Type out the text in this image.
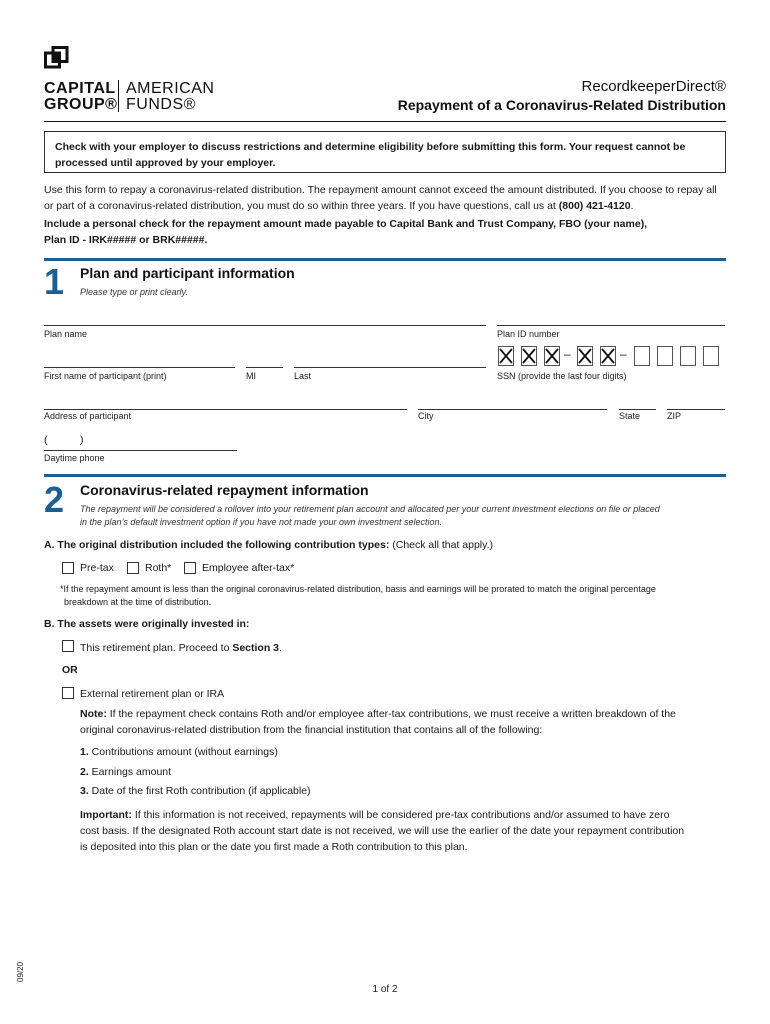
CAPITAL
GROUP®
AMERICAN
FUNDS®
RecordkeeperDirect®
Repayment of a Coronavirus-Related Distribution
Check with your employer to discuss restrictions and determine eligibility before submitting this form. Your request cannot be processed until approved by your employer.
Use this form to repay a coronavirus-related distribution. The repayment amount cannot exceed the amount distributed. If you choose to repay all or part of a coronavirus-related distribution, you must do so within three years. If you have questions, call us at (800) 421-4120.
Include a personal check for the repayment amount made payable to Capital Bank and Trust Company, FBO (your name),
Plan ID - IRK##### or BRK#####.
1 Plan and participant information
Please type or print clearly.
Plan name	Plan ID number
First name of participant (print)	MI	Last
–	–
SSN (provide the last four digits)
Address of participant	City	State	ZIP
(	)
Daytime phone
2 Coronavirus-related repayment information
The repayment will be considered a rollover into your retirement plan account and allocated per your current investment elections on file or placed
in the plan’s default investment option if you have not made your own investment selection.
A. The original distribution included the following contribution types: (Check all that apply.)
Pre-tax	Roth*	Employee after-tax*
*If the repayment amount is less than the original coronavirus-related distribution, basis and earnings will be prorated to match the original percentage
breakdown at the time of distribution.
B. The assets were originally invested in:
This retirement plan. Proceed to Section 3.
OR
External retirement plan or IRA
Note: If the repayment check contains Roth and/or employee after-tax contributions, we must receive a written breakdown of the
original coronavirus-related distribution from the financial institution that contains all of the following:
1. Contributions amount (without earnings)
2. Earnings amount
3. Date of the first Roth contribution (if applicable)
Important: If this information is not received, repayments will be considered pre-tax contributions and/or assumed to have zero
cost basis. If the designated Roth account start date is not received, we will use the earlier of the date your repayment contribution
is deposited into this plan or the date you first made a Roth contribution to this plan.
09/20
1 of 2
